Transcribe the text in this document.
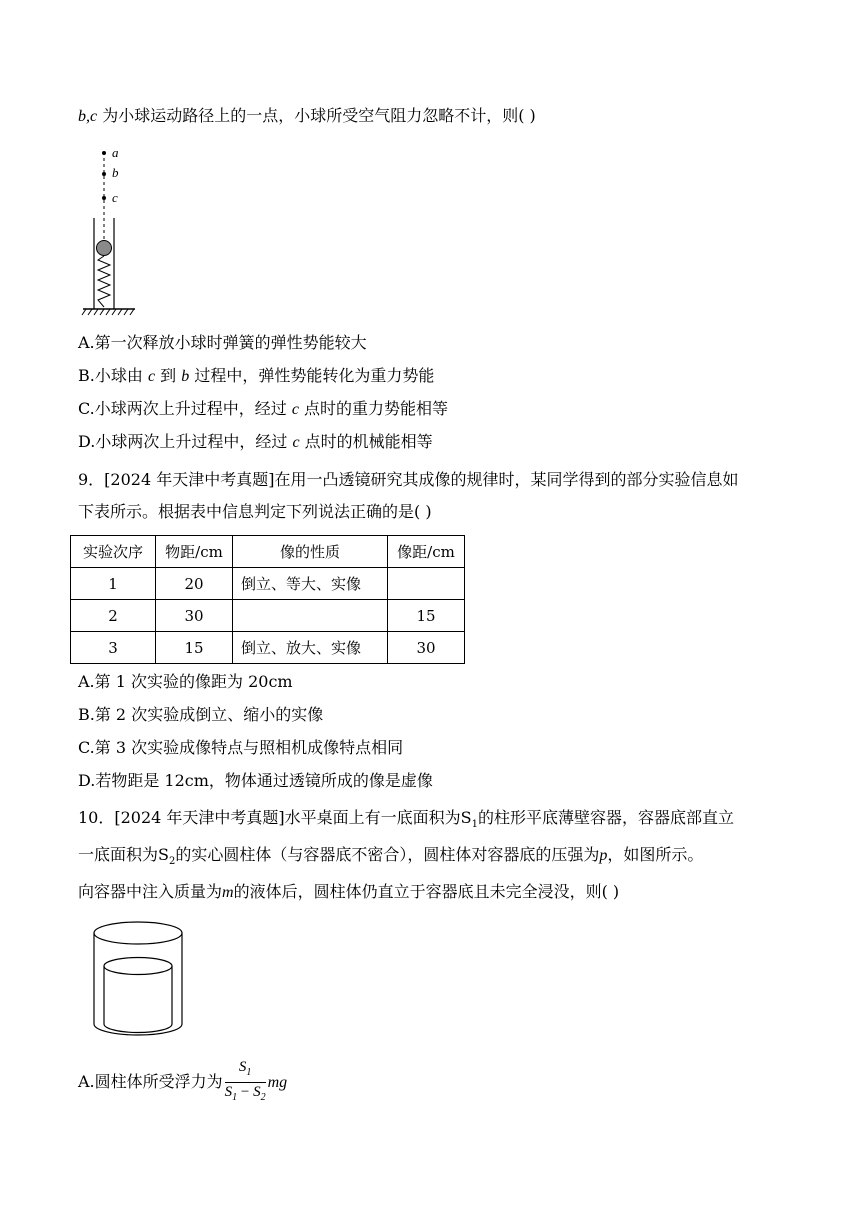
b,c 为小球运动路径上的一点，小球所受空气阻力忽略不计，则( )
a
b
c
A.第一次释放小球时弹簧的弹性势能较大
B.小球由 c 到 b 过程中，弹性势能转化为重力势能
C.小球两次上升过程中，经过 c 点时的重力势能相等
D.小球两次上升过程中，经过 c 点时的机械能相等
9．[2024 年天津中考真题]在用一凸透镜研究其成像的规律时，某同学得到的部分实验信息如
下表所示。根据表中信息判定下列说法正确的是( )
实验次序	物距/cm	像的性质	像距/cm
1	20	倒立、等大、实像	
2	30		15
3	15	倒立、放大、实像	30
A.第 1 次实验的像距为 20cm
B.第 2 次实验成倒立、缩小的实像
C.第 3 次实验成像特点与照相机成像特点相同
D.若物距是 12cm，物体通过透镜所成的像是虚像
10．[2024 年天津中考真题]水平桌面上有一底面积为$S_1$的柱形平底薄壁容器，容器底部直立
一底面积为$S_2$的实心圆柱体（与容器底不密合），圆柱体对容器底的压强为p，如图所示。
向容器中注入质量为m的液体后，圆柱体仍直立于容器底且未完全浸没，则( )
A.圆柱体所受浮力为 $\frac{S_1}{S_1 - S_2}$ mg
